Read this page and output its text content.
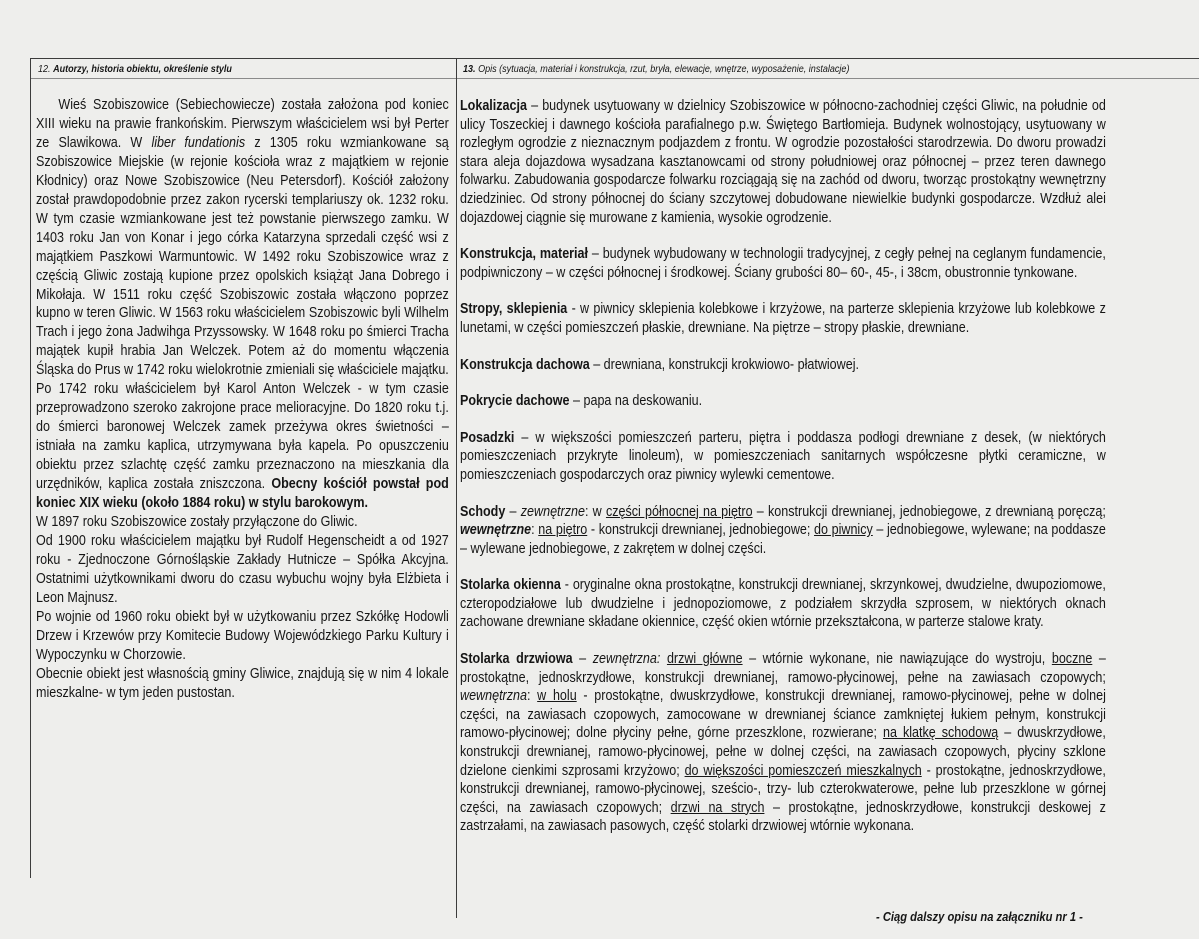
12. Autorzy, historia obiektu, określenie stylu	13. Opis (sytuacja, materiał i konstrukcja, rzut, bryła, elewacje, wnętrze, wyposażenie, instalacje)

Wieś Szobiszowice (Sebiechowiecze) została założona pod koniec XIII wieku na prawie frankońskim. Pierwszym właścicielem wsi był Perter ze Slawikowa. W liber fundationis z 1305 roku wzmiankowane są Szobiszowice Miejskie (w rejonie kościoła wraz z majątkiem w rejonie Kłodnicy) oraz Nowe Szobiszowice (Neu Petersdorf). Kościół założony został prawdopodobnie przez zakon rycerski templariuszy ok. 1232 roku. W tym czasie wzmiankowane jest też powstanie pierwszego zamku. W 1403 roku Jan von Konar i jego córka Katarzyna sprzedali część wsi z majątkiem Paszkowi Warmuntowic. W 1492 roku Szobiszowice wraz z częścią Gliwic zostają kupione przez opolskich książąt Jana Dobrego i Mikołaja. W 1511 roku część Szobiszowic została włączono poprzez kupno w teren Gliwic. W 1563 roku właścicielem Szobiszowic byli Wilhelm Trach i jego żona Jadwihga Przyssowsky. W 1648 roku po śmierci Tracha majątek kupił hrabia Jan Welczek. Potem aż do momentu włączenia Śląska do Prus w 1742 roku wielokrotnie zmieniali się właściciele majątku. Po 1742 roku właścicielem był Karol Anton Welczek - w tym czasie przeprowadzono szeroko zakrojone prace melioracyjne. Do 1820 roku t.j. do śmierci baronowej Welczek zamek przeżywa okres świetności – istniała na zamku kaplica, utrzymywana była kapela. Po opuszczeniu obiektu przez szlachtę część zamku przeznaczono na mieszkania dla urzędników, kaplica została zniszczona. Obecny kościół powstał pod koniec XIX wieku (około 1884 roku) w stylu barokowym.

W 1897 roku Szobiszowice zostały przyłączone do Gliwic.

Od 1900 roku właścicielem majątku był Rudolf Hegenscheidt a od 1927 roku - Zjednoczone Górnośląskie Zakłady Hutnicze – Spółka Akcyjna. Ostatnimi użytkownikami dworu do czasu wybuchu wojny była Elżbieta i Leon Majnusz.

Po wojnie od 1960 roku obiekt był w użytkowaniu przez Szkółkę Hodowli Drzew i Krzewów przy Komitecie Budowy Wojewódzkiego Parku Kultury i Wypoczynku w Chorzowie.

Obecnie obiekt jest własnością gminy Gliwice, znajdują się w nim 4 lokale mieszkalne- w tym jeden pustostan.

Lokalizacja – budynek usytuowany w dzielnicy Szobiszowice w północno-zachodniej części Gliwic, na południe od ulicy Toszeckiej i dawnego kościoła parafialnego p.w. Świętego Bartłomieja. Budynek wolnostojący, usytuowany w rozległym ogrodzie z nieznacznym podjazdem z frontu. W ogrodzie pozostałości starodrzewia. Do dworu prowadzi stara aleja dojazdowa wysadzana kasztanowcami od strony południowej oraz północnej – przez teren dawnego folwarku. Zabudowania gospodarcze folwarku rozciągają się na zachód od dworu, tworząc prostokątny wewnętrzny dziedziniec. Od strony północnej do ściany szczytowej dobudowane niewielkie budynki gospodarcze. Wzdłuż alei dojazdowej ciągnie się murowane z kamienia, wysokie ogrodzenie.

Konstrukcja, materiał – budynek wybudowany w technologii tradycyjnej, z cegły pełnej na ceglanym fundamencie, podpiwniczony – w części północnej i środkowej. Ściany grubości 80– 60-, 45-, i 38cm, obustronnie tynkowane.

Stropy, sklepienia - w piwnicy sklepienia kolebkowe i krzyżowe, na parterze sklepienia krzyżowe lub kolebkowe z lunetami, w części pomieszczeń płaskie, drewniane. Na piętrze – stropy płaskie, drewniane.

Konstrukcja dachowa – drewniana, konstrukcji krokwiowo- płatwiowej.

Pokrycie dachowe – papa na deskowaniu.

Posadzki – w większości pomieszczeń parteru, piętra i poddasza podłogi drewniane z desek, (w niektórych pomieszczeniach przykryte linoleum), w pomieszczeniach sanitarnych współczesne płytki ceramiczne, w pomieszczeniach gospodarczych oraz piwnicy wylewki cementowe.

Schody – zewnętrzne: w części północnej na piętro – konstrukcji drewnianej, jednobiegowe, z drewnianą poręczą; wewnętrzne: na piętro - konstrukcji drewnianej, jednobiegowe; do piwnicy – jednobiegowe, wylewane; na poddasze – wylewane jednobiegowe, z zakrętem w dolnej części.

Stolarka okienna - oryginalne okna prostokątne, konstrukcji drewnianej, skrzynkowej, dwudzielne, dwupoziomowe, czteropodziałowe lub dwudzielne i jednopoziomowe, z podziałem skrzydła szprosem, w niektórych oknach zachowane drewniane składane okiennice, część okien wtórnie przekształcona, w parterze stalowe kraty.

Stolarka drzwiowa – zewnętrzna: drzwi główne – wtórnie wykonane, nie nawiązujące do wystroju, boczne – prostokątne, jednoskrzydłowe, konstrukcji drewnianej, ramowo-płycinowej, pełne na zawiasach czopowych; wewnętrzna: w holu - prostokątne, dwuskrzydłowe, konstrukcji drewnianej, ramowo-płycinowej, pełne w dolnej części, na zawiasach czopowych, zamocowane w drewnianej ściance zamkniętej łukiem pełnym, konstrukcji ramowo-płycinowej; dolne płyciny pełne, górne przeszklone, rozwierane; na klatkę schodową – dwuskrzydłowe, konstrukcji drewnianej, ramowo-płycinowej, pełne w dolnej części, na zawiasach czopowych, płyciny szklone dzielone cienkimi szprosami krzyżowo; do większości pomieszczeń mieszkalnych - prostokątne, jednoskrzydłowe, konstrukcji drewnianej, ramowo-płycinowej, sześcio-, trzy- lub czterokwaterowe, pełne lub przeszklone w górnej części, na zawiasach czopowych; drzwi na strych – prostokątne, jednoskrzydłowe, konstrukcji deskowej z zastrzałami, na zawiasach pasowych, część stolarki drzwiowej wtórnie wykonana.

- Ciąg dalszy opisu na załączniku nr 1 -
